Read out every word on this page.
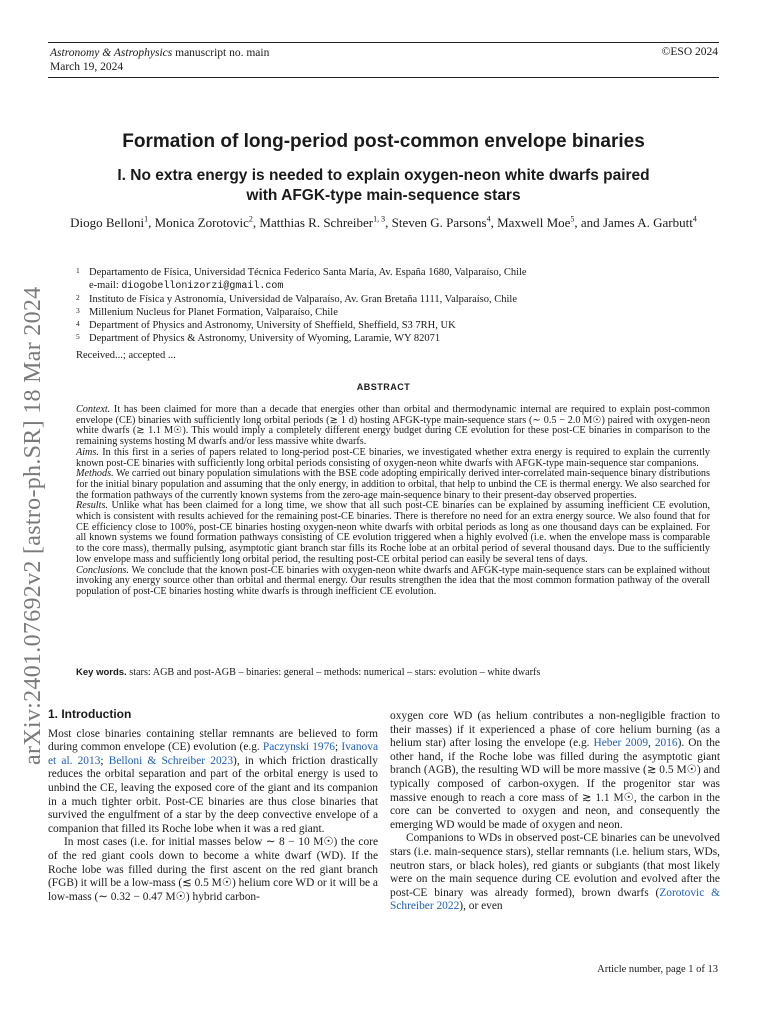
Astronomy & Astrophysics manuscript no. main
March 19, 2024
©ESO 2024
arXiv:2401.07692v2 [astro-ph.SR] 18 Mar 2024
Formation of long-period post-common envelope binaries
I. No extra energy is needed to explain oxygen-neon white dwarfs paired with AFGK-type main-sequence stars
Diogo Belloni$^1$, Monica Zorotovic$^2$, Matthias R. Schreiber$^{1, 3}$, Steven G. Parsons$^4$, Maxwell Moe$^5$, and James A. Garbutt$^4$
1 Departamento de Física, Universidad Técnica Federico Santa María, Av. España 1680, Valparaíso, Chile
e-mail: diogobellonizorzi@gmail.com
2 Instituto de Física y Astronomía, Universidad de Valparaíso, Av. Gran Bretaña 1111, Valparaíso, Chile
3 Millenium Nucleus for Planet Formation, Valparaíso, Chile
4 Department of Physics and Astronomy, University of Sheffield, Sheffield, S3 7RH, UK
5 Department of Physics & Astronomy, University of Wyoming, Laramie, WY 82071
Received...; accepted ...
ABSTRACT

Context. It has been claimed for more than a decade that energies other than orbital and thermodynamic internal are required to explain post-common envelope (CE) binaries with sufficiently long orbital periods (≳ 1 d) hosting AFGK-type main-sequence stars (∼ 0.5 − 2.0 M☉) paired with oxygen-neon white dwarfs (≳ 1.1 M☉). This would imply a completely different energy budget during CE evolution for these post-CE binaries in comparison to the remaining systems hosting M dwarfs and/or less massive white dwarfs.

Aims. In this first in a series of papers related to long-period post-CE binaries, we investigated whether extra energy is required to explain the currently known post-CE binaries with sufficiently long orbital periods consisting of oxygen-neon white dwarfs with AFGK-type main-sequence star companions.

Methods. We carried out binary population simulations with the BSE code adopting empirically derived inter-correlated main-sequence binary distributions for the initial binary population and assuming that the only energy, in addition to orbital, that help to unbind the CE is thermal energy. We also searched for the formation pathways of the currently known systems from the zero-age main-sequence binary to their present-day observed properties.

Results. Unlike what has been claimed for a long time, we show that all such post-CE binaries can be explained by assuming inefficient CE evolution, which is consistent with results achieved for the remaining post-CE binaries. There is therefore no need for an extra energy source. We also found that for CE efficiency close to 100%, post-CE binaries hosting oxygen-neon white dwarfs with orbital periods as long as one thousand days can be explained. For all known systems we found formation pathways consisting of CE evolution triggered when a highly evolved (i.e. when the envelope mass is comparable to the core mass), thermally pulsing, asymptotic giant branch star fills its Roche lobe at an orbital period of several thousand days. Due to the sufficiently low envelope mass and sufficiently long orbital period, the resulting post-CE orbital period can easily be several tens of days.

Conclusions. We conclude that the known post-CE binaries with oxygen-neon white dwarfs and AFGK-type main-sequence stars can be explained without invoking any energy source other than orbital and thermal energy. Our results strengthen the idea that the most common formation pathway of the overall population of post-CE binaries hosting white dwarfs is through inefficient CE evolution.

Key words. stars: AGB and post-AGB – binaries: general – methods: numerical – stars: evolution – white dwarfs
1. Introduction

Most close binaries containing stellar remnants are believed to form during common envelope (CE) evolution (e.g. Paczynski 1976; Ivanova et al. 2013; Belloni & Schreiber 2023), in which friction drastically reduces the orbital separation and part of the orbital energy is used to unbind the CE, leaving the exposed core of the giant and its companion in a much tighter orbit. Post-CE binaries are thus close binaries that survived the engulfment of a star by the deep convective envelope of a companion that filled its Roche lobe when it was a red giant.

In most cases (i.e. for initial masses below ∼ 8 − 10 M☉) the core of the red giant cools down to become a white dwarf (WD). If the Roche lobe was filled during the first ascent on the red giant branch (FGB) it will be a low-mass (≲ 0.5 M☉) helium core WD or it will be a low-mass (∼ 0.32 − 0.47 M☉) hybrid carbon-

oxygen core WD (as helium contributes a non-negligible fraction to their masses) if it experienced a phase of core helium burning (as a helium star) after losing the envelope (e.g. Heber 2009, 2016). On the other hand, if the Roche lobe was filled during the asymptotic giant branch (AGB), the resulting WD will be more massive (≳ 0.5 M☉) and typically composed of carbon-oxygen. If the progenitor star was massive enough to reach a core mass of ≳ 1.1 M☉, the carbon in the core can be converted to oxygen and neon, and consequently the emerging WD would be made of oxygen and neon.

Companions to WDs in observed post-CE binaries can be unevolved stars (i.e. main-sequence stars), stellar remnants (i.e. helium stars, WDs, neutron stars, or black holes), red giants or subgiants (that most likely were on the main sequence during CE evolution and evolved after the post-CE binary was already formed), brown dwarfs (Zorotovic & Schreiber 2022), or even

Article number, page 1 of 13
